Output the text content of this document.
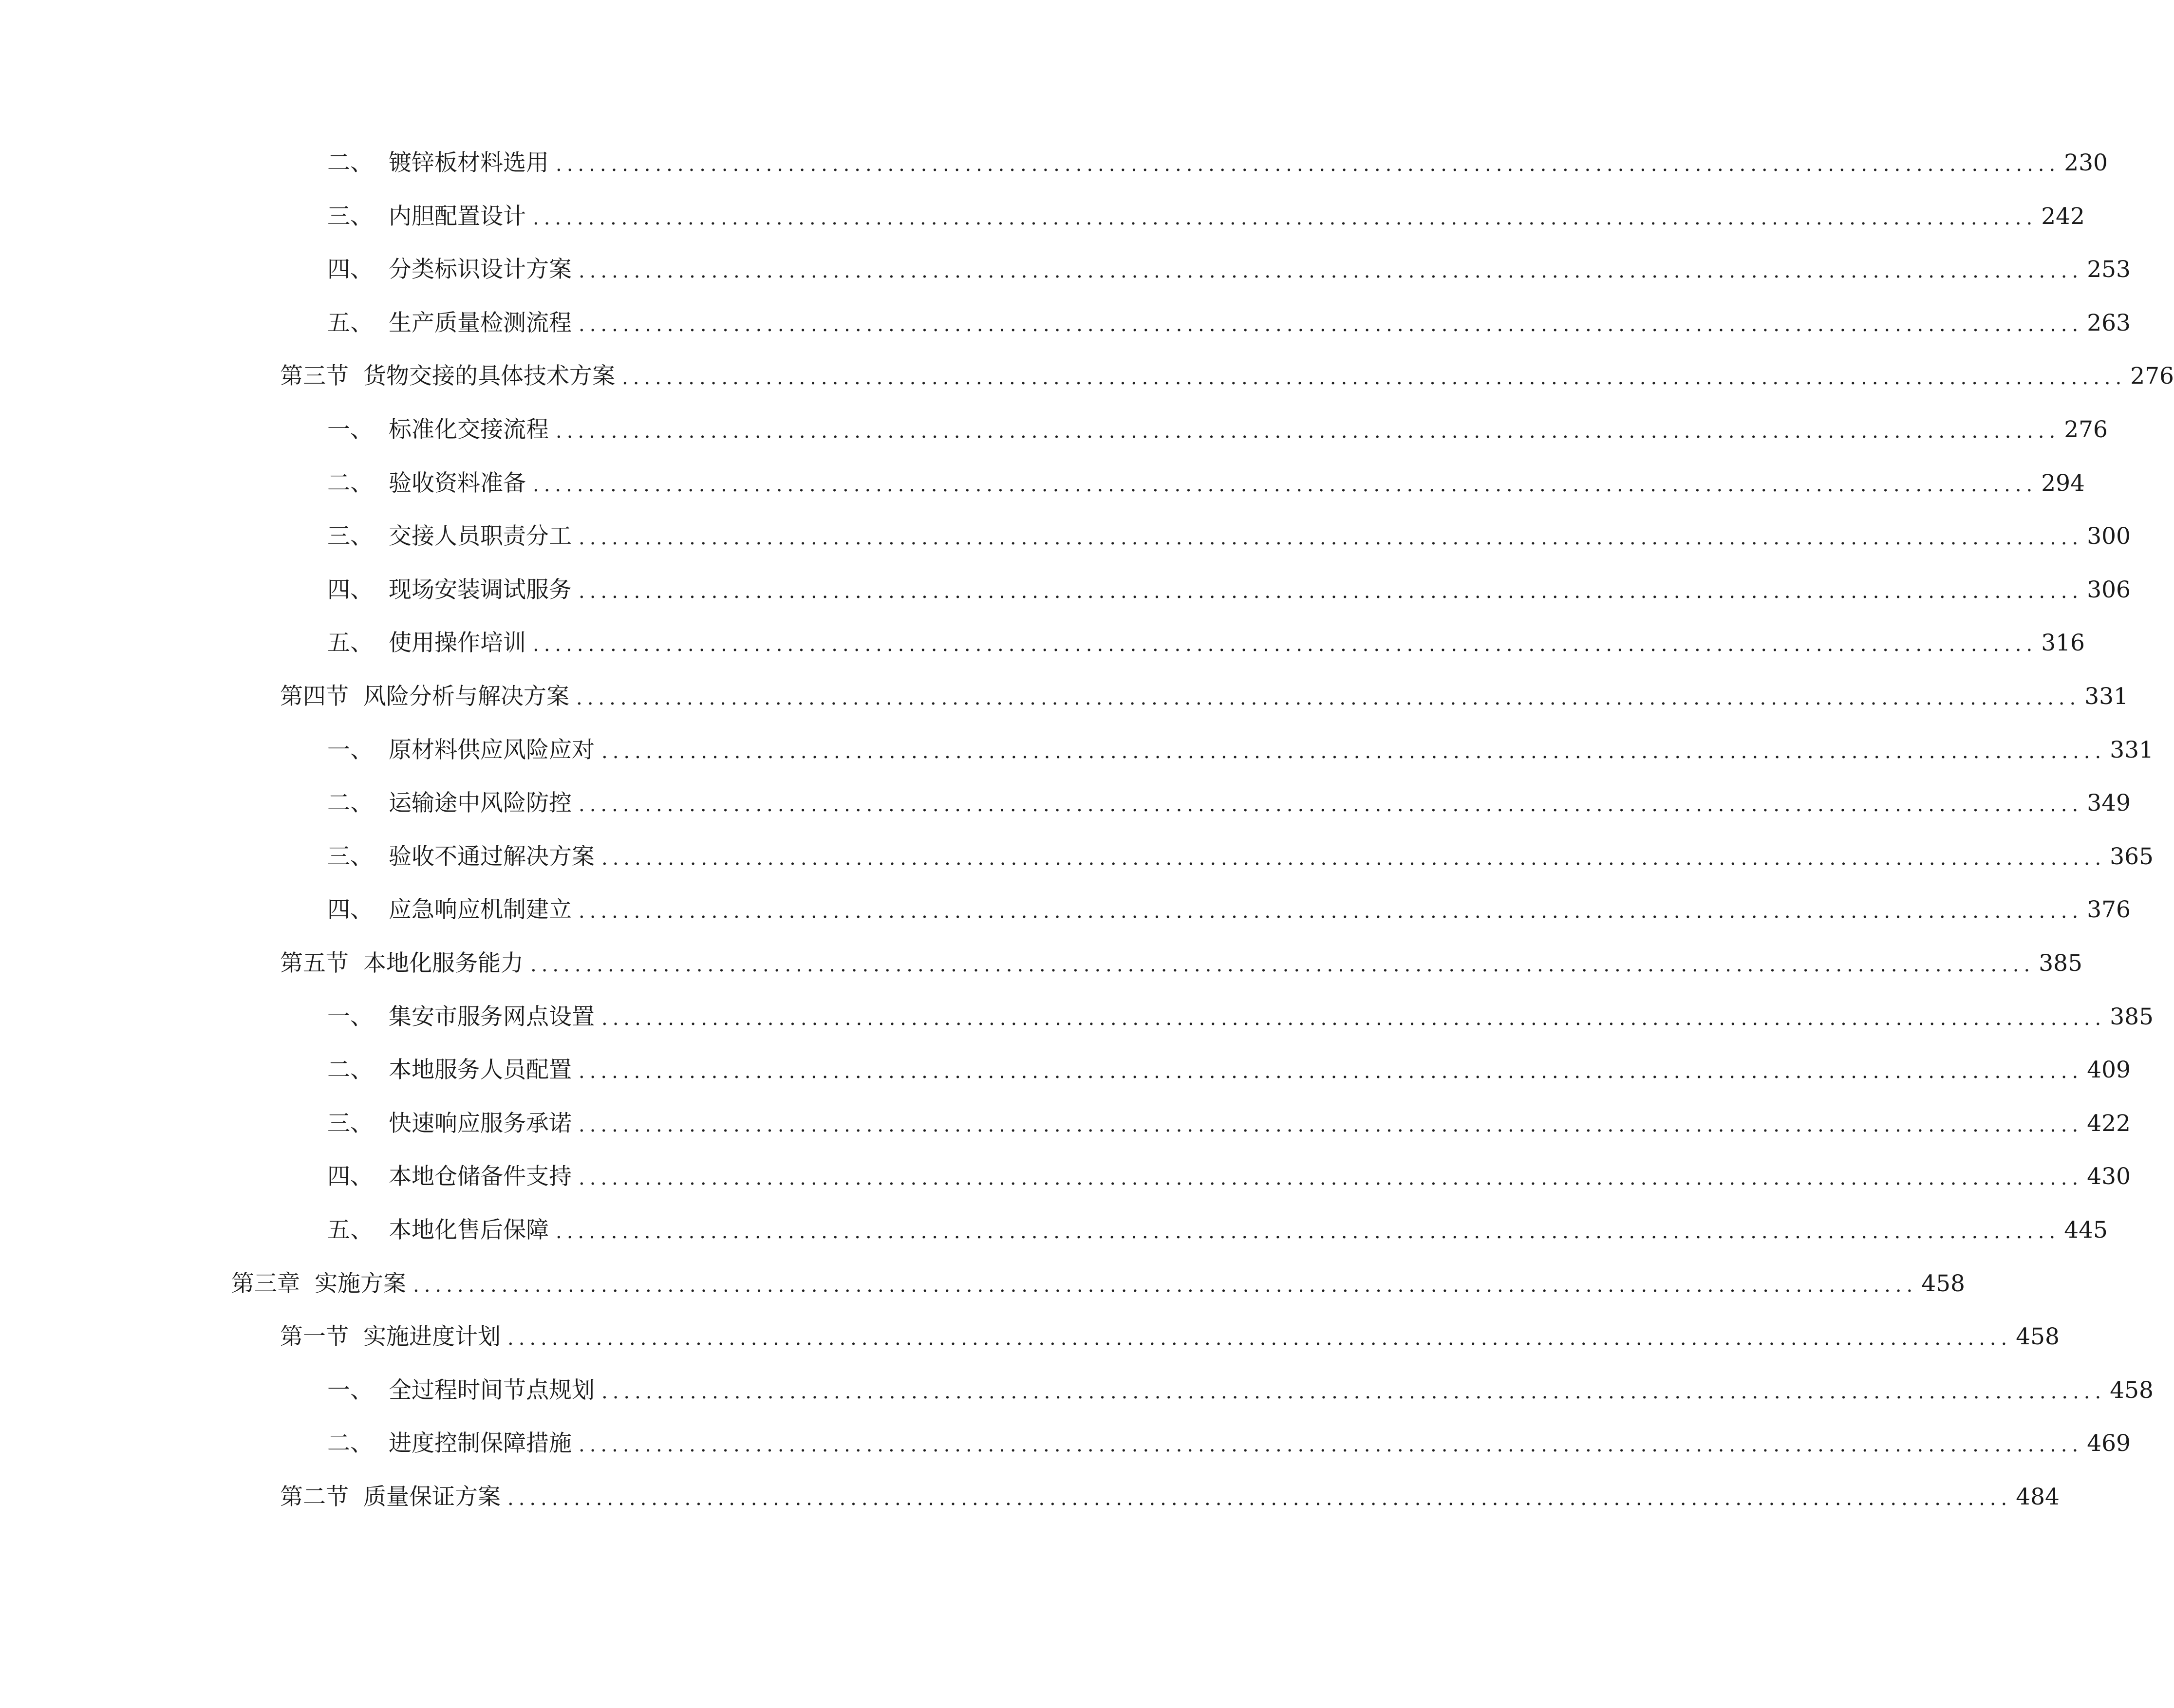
二、 镀锌板材料选用 ........................................................................................................................................ 230
三、 内胆配置设计 ........................................................................................................................................ 242
四、 分类标识设计方案 ........................................................................................................................................ 253
五、 生产质量检测流程 ........................................................................................................................................ 263
第三节 货物交接的具体技术方案 ........................................................................................................................................ 276
一、 标准化交接流程 ........................................................................................................................................ 276
二、 验收资料准备 ........................................................................................................................................ 294
三、 交接人员职责分工 ........................................................................................................................................ 300
四、 现场安装调试服务 ........................................................................................................................................ 306
五、 使用操作培训 ........................................................................................................................................ 316
第四节 风险分析与解决方案 ........................................................................................................................................ 331
一、 原材料供应风险应对 ........................................................................................................................................ 331
二、 运输途中风险防控 ........................................................................................................................................ 349
三、 验收不通过解决方案 ........................................................................................................................................ 365
四、 应急响应机制建立 ........................................................................................................................................ 376
第五节 本地化服务能力 ........................................................................................................................................ 385
一、 集安市服务网点设置 ........................................................................................................................................ 385
二、 本地服务人员配置 ........................................................................................................................................ 409
三、 快速响应服务承诺 ........................................................................................................................................ 422
四、 本地仓储备件支持 ........................................................................................................................................ 430
五、 本地化售后保障 ........................................................................................................................................ 445
第三章 实施方案 ........................................................................................................................................ 458
第一节 实施进度计划 ........................................................................................................................................ 458
一、 全过程时间节点规划 ........................................................................................................................................ 458
二、 进度控制保障措施 ........................................................................................................................................ 469
第二节 质量保证方案 ........................................................................................................................................ 484
